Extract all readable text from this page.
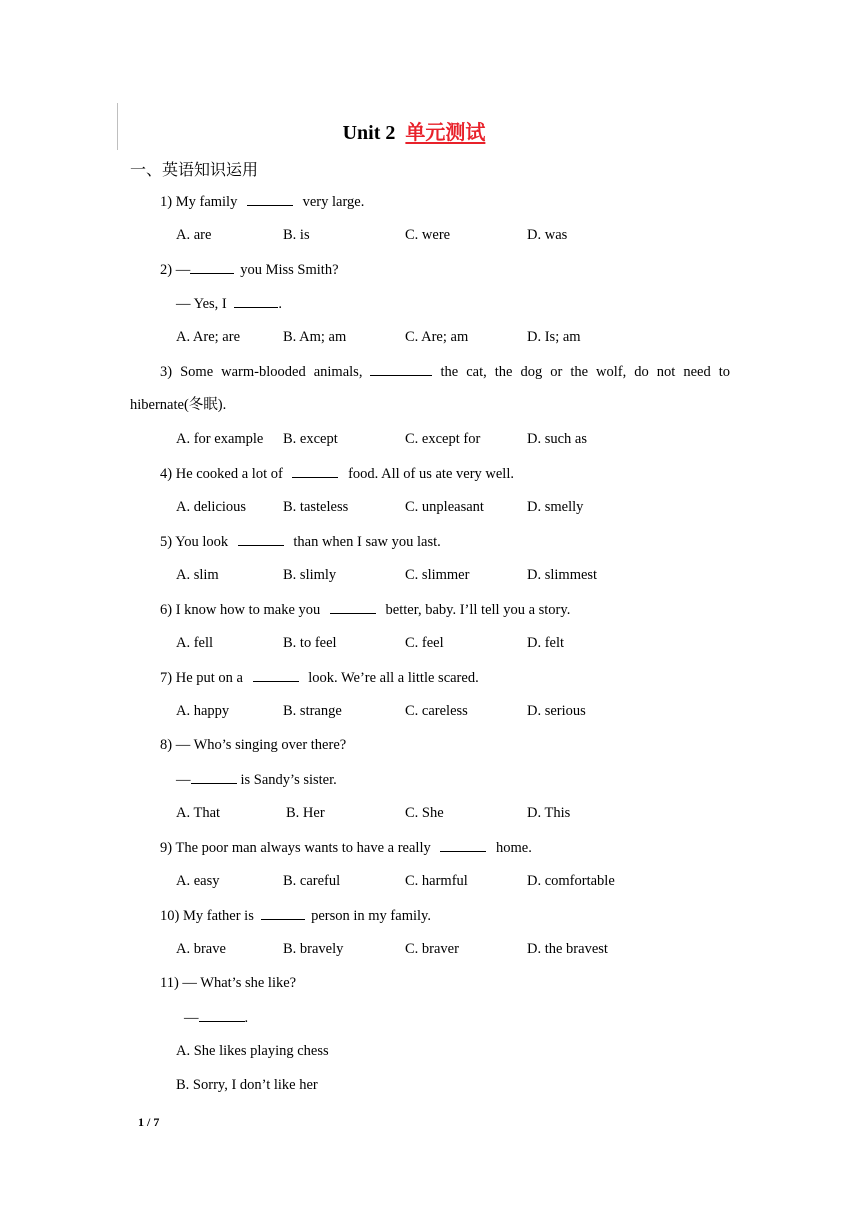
Unit 2 单元测试
一、英语知识运用
1) My family	very large.
A. are	B. is	C. were	D. was
2) —	you Miss Smith?
— Yes, I	.
A. Are; are	B. Am; am	C. Are; am	D. Is; am
3) Some warm-blooded animals,	the cat, the dog or the wolf, do not need to
hibernate(冬眠).
A. for example B. except	C. except for	D. such as
4) He cooked a lot of	food. All of us ate very well.
A. delicious	B. tasteless	C. unpleasant	D. smelly
5) You look	than when I saw you last.
A. slim	B. slimly	C. slimmer	D. slimmest
6) I know how to make you	better, baby. I’ll tell you a story.
A. fell	B. to feel	C. feel	D. felt
7) He put on a	look. We’re all a little scared.
A. happy	B. strange	C. careless	D. serious
8) — Who’s singing over there?
—	is Sandy’s sister.
A. That	B. Her	C. She	D. This
9) The poor man always wants to have a really	home.
A. easy	B. careful	C. harmful	D. comfortable
10) My father is	person in my family.
A. brave	B. bravely	C. braver	D. the bravest
11) — What’s she like?
—	.
A. She likes playing chess
B. Sorry, I don’t like her
1 / 7
